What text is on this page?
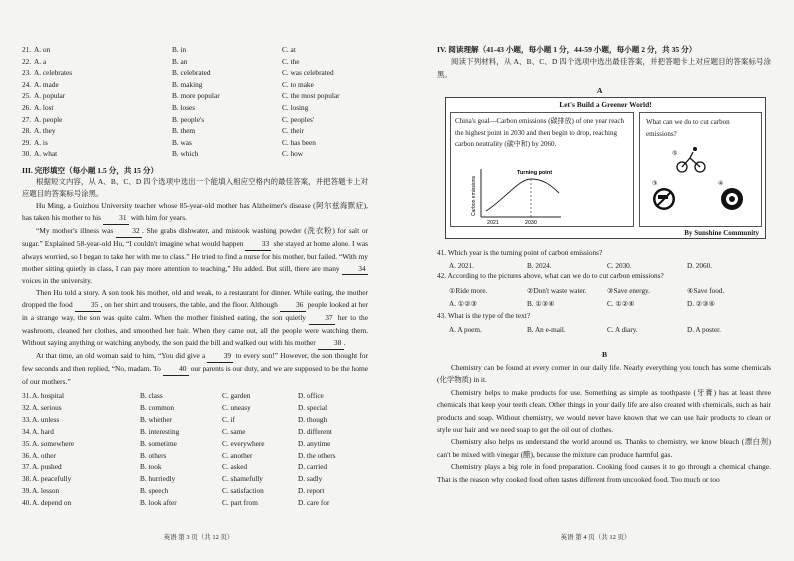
21. A. on	B. in	C. at
22. A. a	B. an	C. the
23. A. celebrates	B. celebrated	C. was celebrated
24. A. made	B. making	C. to make
25. A. popular	B. more popular	C. the most popular
26. A. lost	B. loses	C. losing
27. A. people	B. people's	C. peoples'
28. A. they	B. them	C. their
29. A. is	B. was	C. has been
30. A. what	B. which	C. how
III. 完形填空（每小题 1.5 分，共 15 分）
根据短文内容，从 A、B、C、D 四个选项中选出一个能填入相应空格内的最佳答案，并把答题卡上对应题目的答案标号涂黑。
Hu Ming, a Guizhou University teacher whose 85-year-old mother has Alzheimer's disease (阿尔兹海默症), has taken his mother to his 31 with him for years.
“My mother's illness was 32 . She grabs dishwater, and mistook washing powder (洗衣粉) for salt or sugar.” Explained 58-year-old Hu, “I couldn't imagine what would happen 33 she stayed at home alone. I was always worried, so I began to take her with me to class.” He tried to find a nurse for his mother, but failed. “With my mother sitting quietly in class, I can pay more attention to teaching,” Hu added. But still, there are many 34 voices in the university.
Then Hu told a story. A son took his mother, old and weak, to a restaurant for dinner. While eating, the mother dropped the food 35 , on her shirt and trousers, the table, and the floor. Although 36 people looked at her in a strange way, the son was quite calm. When the mother finished eating, the son quietly 37 her to the washroom, cleaned her clothes, and smoothed her hair. When they came out, all the people were watching them. Without saying anything or watching anybody, the son paid the bill and walked out with his mother 38 .
At that time, an old woman said to him, “You did give a 39 to every son!” However, the son thought for few seconds and then replied, “No, madam. To 40 our parents is our duty, and we are supposed to be the home of our mothers.”
31. A. hospital	B. class	C. garden	D. office
32. A. serious	B. common	C. uneasy	D. special
33. A. unless	B. whether	C. if	D. though
34. A. hard	B. interesting	C. same	D. different
35. A. somewhere	B. sometime	C. everywhere	D. anytime
36. A. other	B. others	C. another	D. the others
37. A. pushed	B. took	C. asked	D. carried
38. A. peacefully	B. hurriedly	C. shamefully	D. sadly
39. A. lesson	B. speech	C. satisfaction	D. report
40. A. depend on	B. look after	C. part from	D. care for
英语 第 3 页（共 12 页）
IV. 阅读理解（41-43 小题，每小题 1 分，44-59 小题，每小题 2 分，共 35 分）
阅读下列材料，从 A、B、C、D 四个选项中选出最佳答案，并把答题卡上对应题目的答案标号涂黑。
A
Let's Build a Greener World!
China's goal—Carbon emissions (碳排放) of one year reach the highest point in 2030 and then begin to drop, reaching carbon neutrality (碳中和) by 2060.
Turning point
Carbon emissions
2021	2030
What can we do to cut carbon emissions?
⑤
③	④
By Sunshine Community
41. Which year is the turning point of carbon emissions?
A. 2021.	B. 2024.	C. 2030.	D. 2060.
42. According to the pictures above, what can we do to cut carbon emissions?
①Ride more.	②Don't waste water.	③Save energy.	④Save food.
A. ①②③	B. ①③④	C. ①②④	D. ②③④
43. What is the type of the text?
A. A poem.	B. An e-mail.	C. A diary.	D. A poster.
B
Chemistry can be found at every corner in our daily life. Nearly everything you touch has some chemicals (化学物质) in it.
Chemistry helps to make products for use. Something as simple as toothpaste (牙膏) has at least three chemicals that keep your teeth clean. Other things in your daily life are also created with chemicals, such as hair products and soap. Without chemistry, we would never have known that we can use hair products to clean or style our hair and we need soap to get the oil out of clothes.
Chemistry also helps us understand the world around us. Thanks to chemistry, we know bleach (漂白剂) can't be mixed with vinegar (醋), because the mixture can produce harmful gas.
Chemistry plays a big role in food preparation. Cooking food causes it to go through a chemical change. That is the reason why cooked food often tastes different from uncooked food. Too much or too
英语 第 4 页（共 12 页）
